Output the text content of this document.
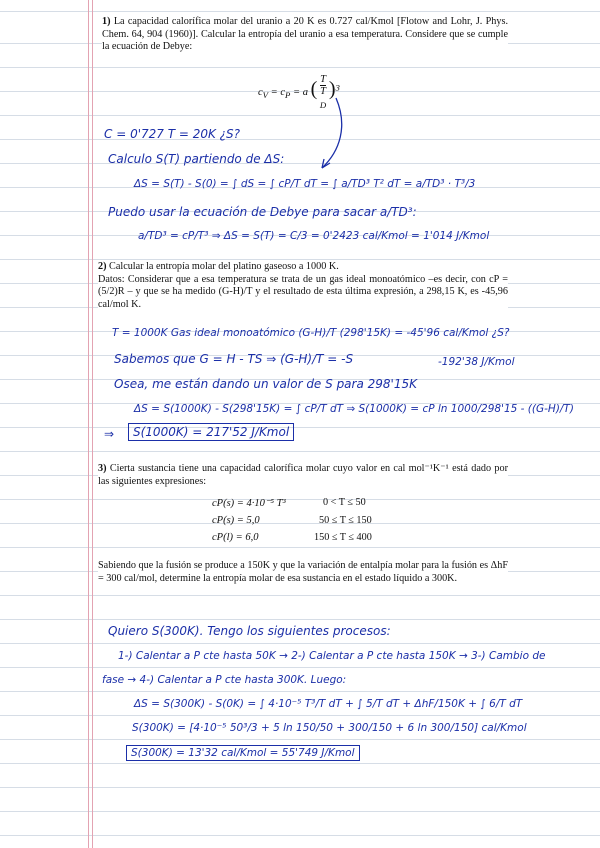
1) La capacidad calorífica molar del uranio a 20 K es 0.727 cal/Kmol [Flotow and Lohr, J. Phys. Chem. 64, 904 (1960)]. Calcular la entropía del uranio a esa temperatura. Considere que se cumple la ecuación de Debye:

$c_V = c_P = a$ ( T
T
$_D$ )$^3$
C = 0'727 T = 20K ¿S?
Calculo S(T) partiendo de ΔS:
ΔS = S(T) - S(0) = ∫ dS = ∫ cP/T dT = ∫ a/TD³ T² dT = a/TD³ · T³/3
Puedo usar la ecuación de Debye para sacar a/TD³:
a/TD³ = cP/T³ ⇒ ΔS = S(T) = C/3 = 0'2423 cal/Kmol = 1'014 J/Kmol

2) Calcular la entropía molar del platino gaseoso a 1000 K.

Datos: Considerar que a esa temperatura se trata de un gas ideal monoatómico –es decir, con cP = (5/2)R – y que se ha medido (G-H)/T y el resultado de esta última expresión, a 298,15 K, es -45,96 cal/mol K.

T = 1000K Gas ideal monoatómico (G-H)/T (298'15K) = -45'96 cal/Kmol ¿S?
Sabemos que G = H - TS ⇒ (G-H)/T = -S	-192'38 J/Kmol
Osea, me están dando un valor de S para 298'15K
ΔS = S(1000K) - S(298'15K) = ∫ cP/T dT ⇒ S(1000K) = cP ln 1000/298'15 - ((G-H)/T)
⇒	S(1000K) = 217'52 J/Kmol

3) Cierta sustancia tiene una capacidad calorífica molar cuyo valor en cal mol⁻¹K⁻¹ está dado por las siguientes expresiones:

cP(s) = 4·10⁻⁵ T³	0 < T ≤ 50
cP(s) = 5,0	50 ≤ T ≤ 150
cP(l) = 6,0	150 ≤ T ≤ 400

Sabiendo que la fusión se produce a 150K y que la variación de entalpía molar para la fusión es ΔhF = 300 cal/mol, determine la entropía molar de esa sustancia en el estado líquido a 300K.

Quiero S(300K). Tengo los siguientes procesos:
1-) Calentar a P cte hasta 50K → 2-) Calentar a P cte hasta 150K → 3-) Cambio de
fase → 4-) Calentar a P cte hasta 300K. Luego:
ΔS = S(300K) - S(0K) = ∫ 4·10⁻⁵ T³/T dT + ∫ 5/T dT + ΔhF/150K + ∫ 6/T dT
S(300K) = [4·10⁻⁵ 50³/3 + 5 ln 150/50 + 300/150 + 6 ln 300/150] cal/Kmol
S(300K) = 13'32 cal/Kmol = 55'749 J/Kmol
